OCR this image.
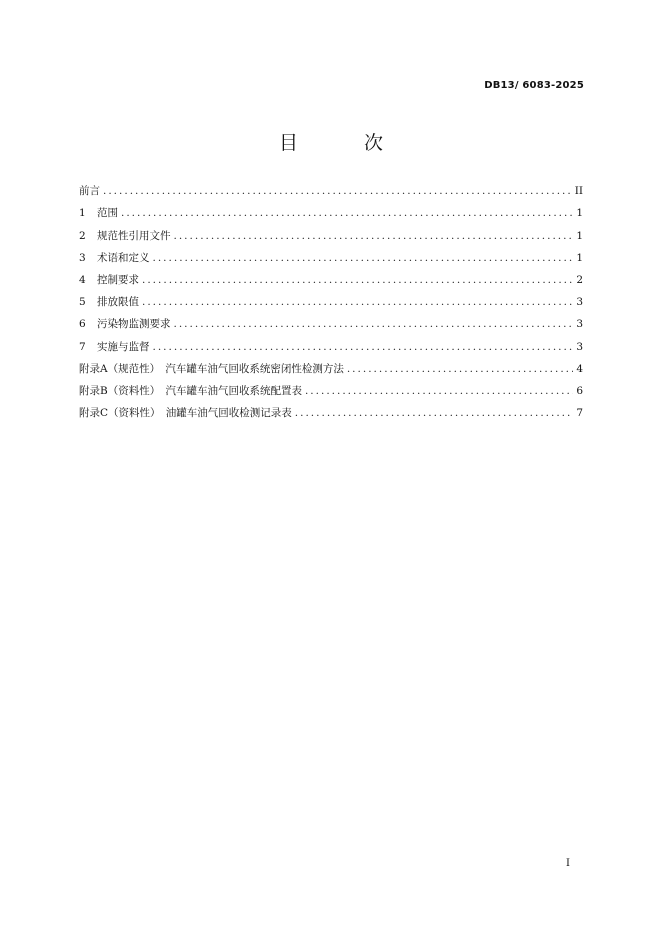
DB13/ 6083-2025
目 次
前言 .....	II
1	范围 .....	1
2	规范性引用文件 .....	1
3	术语和定义 .....	1
4	控制要求 .....	2
5	排放限值 .....	3
6	污染物监测要求 .....	3
7	实施与监督 .....	3
附录A（规范性）　汽车罐车油气回收系统密闭性检测方法 .....	4
附录B（资料性）　汽车罐车油气回收系统配置表 .....	6
附录C（资料性）　油罐车油气回收检测记录表 .....	7
I
